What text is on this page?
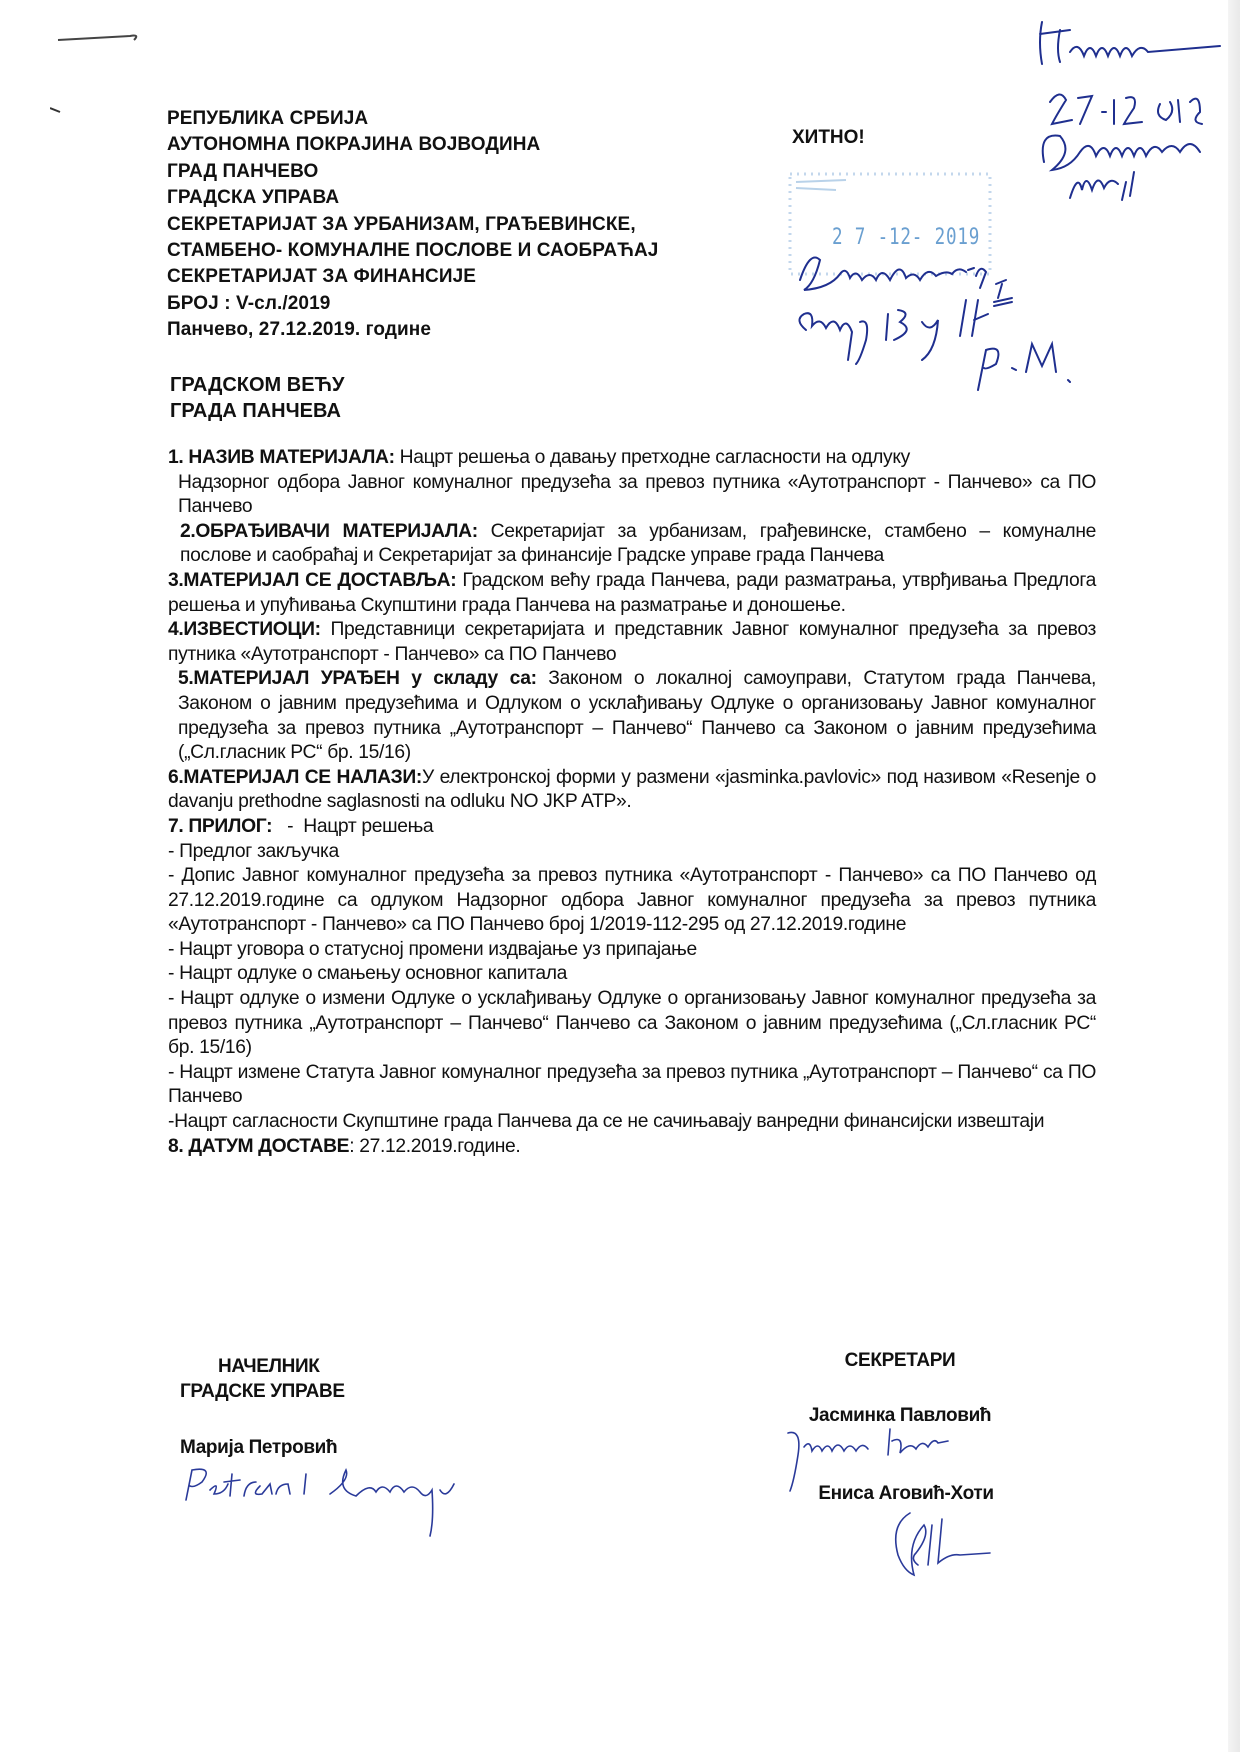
РЕПУБЛИКА СРБИЈА
АУТОНОМНА ПОКРАЈИНА ВОЈВОДИНА
ГРАД ПАНЧЕВО
ГРАДСКА УПРАВА
СЕКРЕТАРИЈАТ ЗА УРБАНИЗАМ, ГРАЂЕВИНСКЕ,
СТАМБЕНО- КОМУНАЛНЕ ПОСЛОВЕ И САОБРАЋАЈ
СЕКРЕТАРИЈАТ ЗА ФИНАНСИЈЕ
БРОЈ : V-сл./2019
Панчево, 27.12.2019. године
ХИТНО!
2 7 -12- 2019
ГРАДСКОМ ВЕЋУ
ГРАДА ПАНЧЕВА

1. НАЗИВ МАТЕРИЈАЛА: Нацрт решења о давању претходне сагласности на одлуку

Надзорног одбора Јавног комуналног предузећа за превоз путника «Аутотранспорт - Панчево» са ПО Панчево

2.ОБРАЂИВАЧИ МАТЕРИЈАЛА: Секретаријат за урбанизам, грађевинске, стамбено – комуналне послове и саобраћај и Секретаријат за финансије Градске управе града Панчева

3.МАТЕРИЈАЛ СЕ ДОСТАВЉА: Градском већу града Панчева, ради разматрања, утврђивања Предлога решења и упућивања Скупштини града Панчева на разматрање и доношење.

4.ИЗВЕСТИОЦИ: Представници секретаријата и представник Јавног комуналног предузећа за превоз путника «Аутотранспорт - Панчево» са ПО Панчево

5.МАТЕРИЈАЛ УРАЂЕН у складу са: Законом о локалној самоуправи, Статутом града Панчева, Законом о јавним предузећима и Одлуком о усклађивању Одлуке о организовању Јавног комуналног предузећа за превоз путника „Аутотранспорт – Панчево“ Панчево са Законом о јавним предузећима („Сл.гласник РС“ бр. 15/16)

6.МАТЕРИЈАЛ СЕ НАЛАЗИ:У електронској форми у размени «jasminka.pavlovic» под називом «Resenje o davanju prethodne saglasnosti na odluku NO JKP ATP».

7. ПРИЛОГ:   -  Нацрт решења

- Предлог закључка

- Допис Јавног комуналног предузећа за превоз путника «Аутотранспорт - Панчево» са ПО Панчево од 27.12.2019.године са одлуком Надзорног одбора Јавног комуналног предузећа за превоз путника «Аутотранспорт - Панчево» са ПО Панчево број 1/2019-112-295 од 27.12.2019.године

- Нацрт уговора о статусној промени издвајање уз припајање

- Нацрт одлуке о смањењу основног капитала

- Нацрт одлуке о измени Одлуке о усклађивању Одлуке о организовању Јавног комуналног предузећа за превоз путника „Аутотранспорт – Панчево“ Панчево са Законом о јавним предузећима („Сл.гласник РС“ бр. 15/16)

- Нацрт измене Статута Јавног комуналног предузећа за превоз путника „Аутотранспорт – Панчево“ са ПО Панчево

-Нацрт сагласности Скупштине града Панчева да се не сачињавају ванредни финансијски извештаји

8. ДАТУМ ДОСТАВЕ: 27.12.2019.године.

НАЧЕЛНИК
ГРАДСКЕ УПРАВЕ
Марија Петровић
СЕКРЕТАРИ
Јасминка Павловић
Ениса Аговић-Хоти
